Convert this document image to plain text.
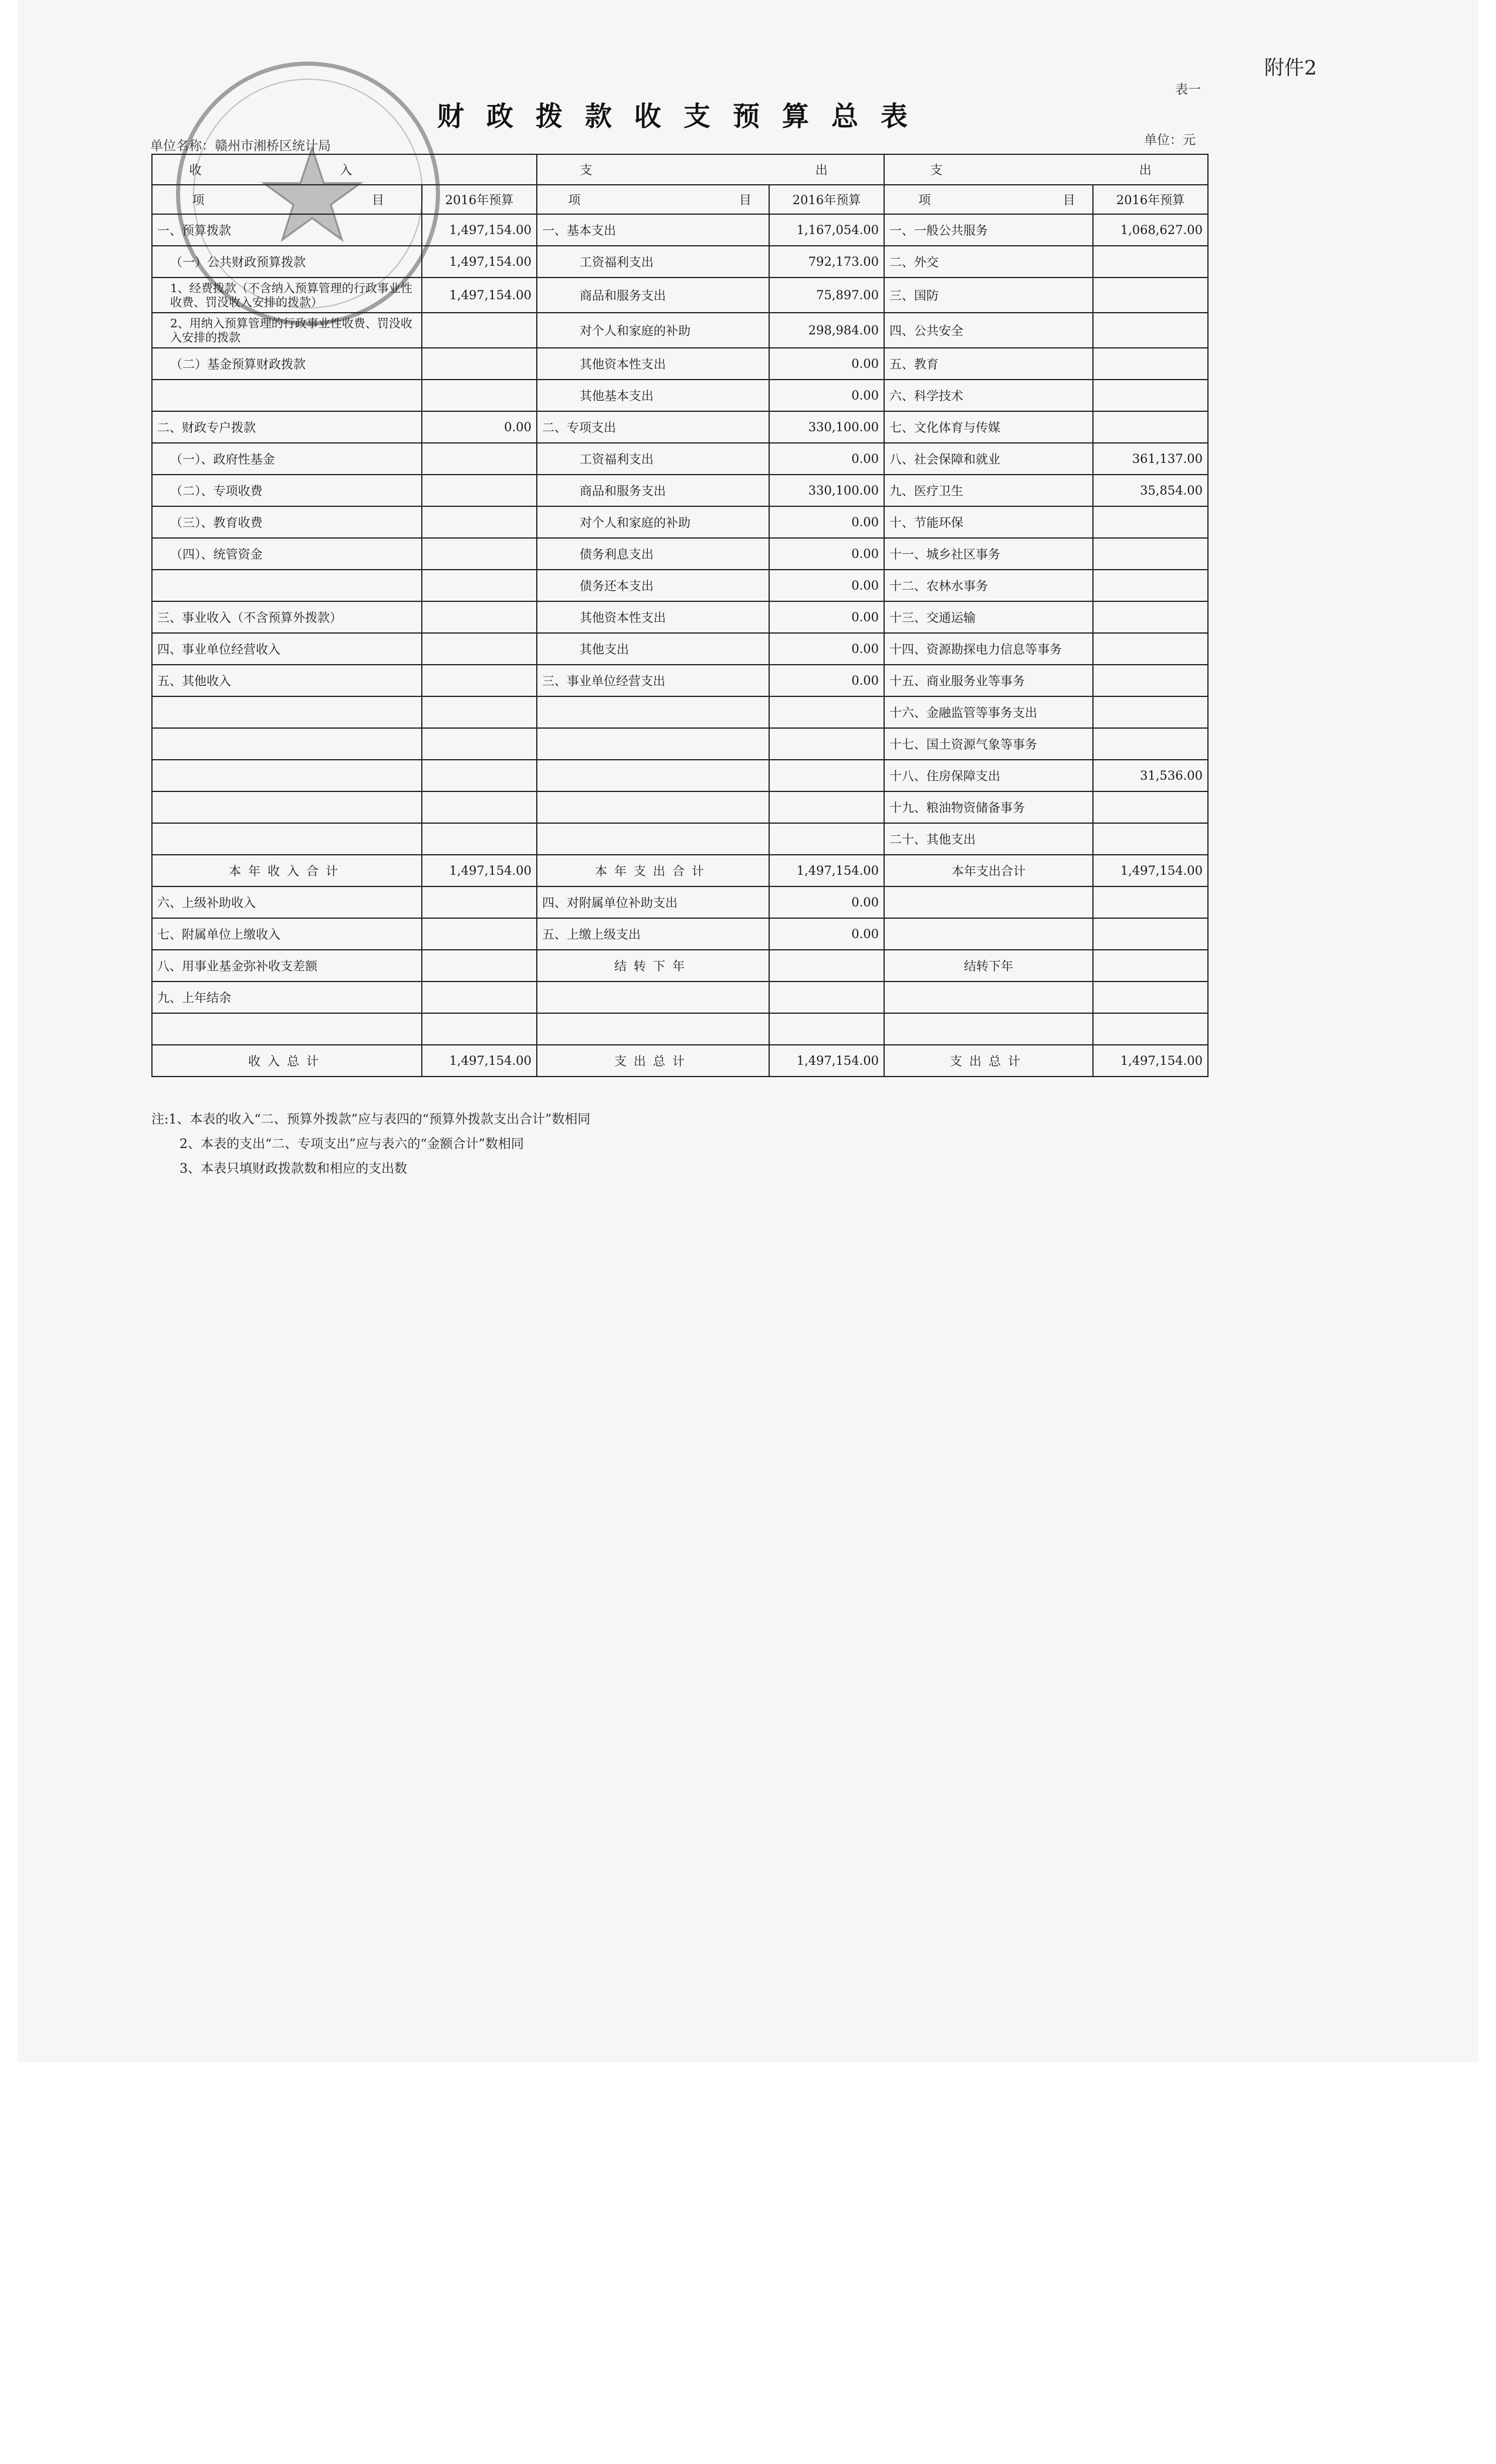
附件2
表一
财政拨款收支预算总表
单位名称：赣州市湘桥区统计局	单位：元
收 入		支 出		支 出	
项 目	2016年预算	项 目	2016年预算	项 目	2016年预算
一、预算拨款	1,497,154.00	一、基本支出	1,167,054.00	一、一般公共服务	1,068,627.00
（一）公共财政预算拨款	1,497,154.00	工资福利支出	792,173.00	二、外交	
1、经费拨款（不含纳入预算管理的行政事业性收费、罚没收入安排的拨款）	1,497,154.00	商品和服务支出	75,897.00	三、国防	
2、用纳入预算管理的行政事业性收费、罚没收入安排的拨款		对个人和家庭的补助	298,984.00	四、公共安全	
（二）基金预算财政拨款		其他资本性支出	0.00	五、教育	
		其他基本支出	0.00	六、科学技术	
二、财政专户拨款	0.00	二、专项支出	330,100.00	七、文化体育与传媒	
（一）、政府性基金		工资福利支出	0.00	八、社会保障和就业	361,137.00
（二）、专项收费		商品和服务支出	330,100.00	九、医疗卫生	35,854.00
（三）、教育收费		对个人和家庭的补助	0.00	十、节能环保	
（四）、统管资金		债务利息支出	0.00	十一、城乡社区事务	
		债务还本支出	0.00	十二、农林水事务	
三、事业收入（不含预算外拨款）		其他资本性支出	0.00	十三、交通运输	
四、事业单位经营收入		其他支出	0.00	十四、资源勘探电力信息等事务	
五、其他收入		三、事业单位经营支出	0.00	十五、商业服务业等事务	
				十六、金融监管等事务支出	
				十七、国土资源气象等事务	
				十八、住房保障支出	31,536.00
				十九、粮油物资储备事务	
				二十、其他支出	
本年收入合计	1,497,154.00	本年支出合计	1,497,154.00	本年支出合计	1,497,154.00
六、上级补助收入		四、对附属单位补助支出	0.00		
七、附属单位上缴收入		五、上缴上级支出	0.00		
八、用事业基金弥补收支差额		结转下年		结转下年	
九、上年结余					

收入总计	1,497,154.00	支出总计	1,497,154.00	支出总计	1,497,154.00
注:1、本表的收入“二、预算外拨款”应与表四的“预算外拨款支出合计”数相同
2、本表的支出“二、专项支出”应与表六的“金额合计”数相同
3、本表只填财政拨款数和相应的支出数
